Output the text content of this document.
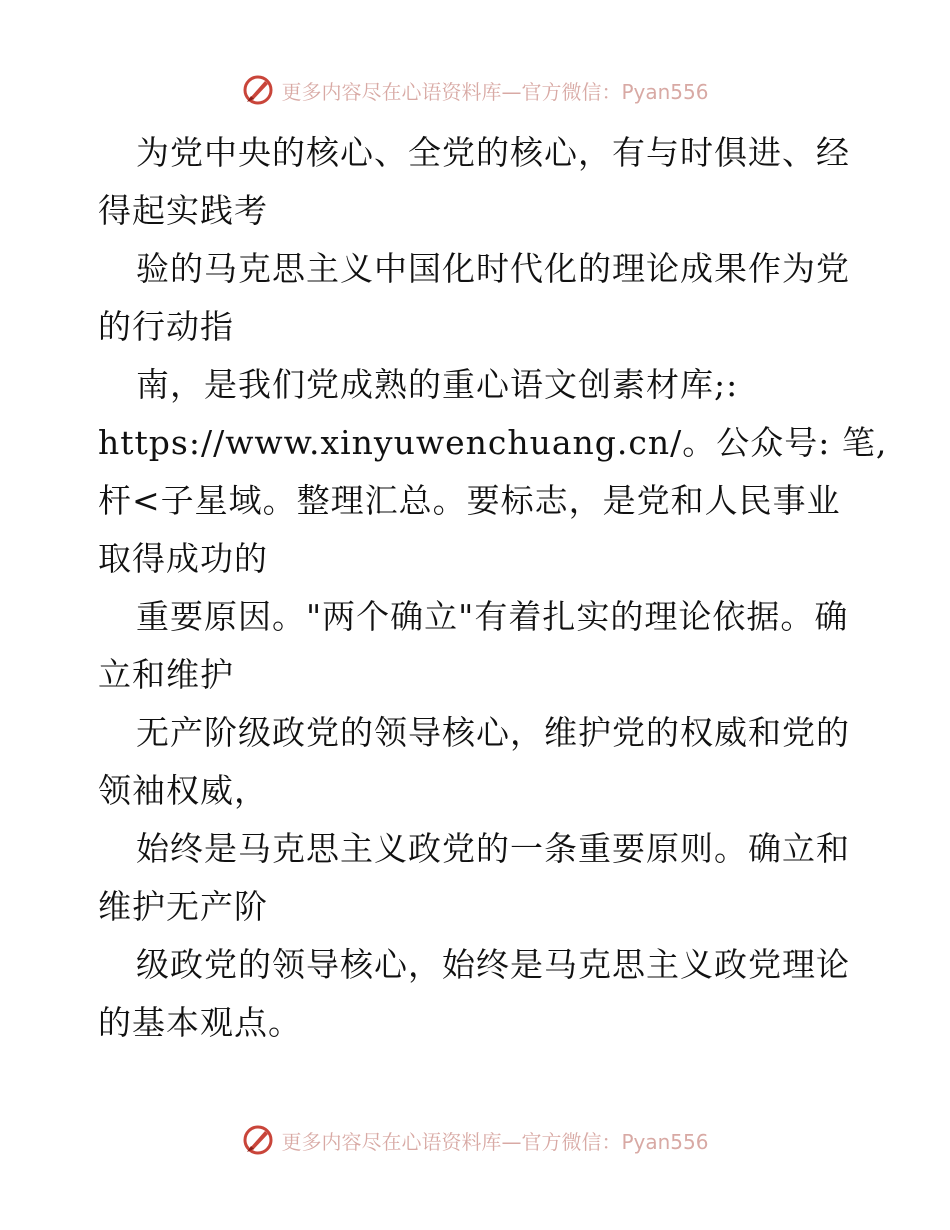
更多内容尽在心语资料库—官方微信：Pyan556
为党中央的核心、全党的核心，有与时俱进、经
得起实践考
验的马克思主义中国化时代化的理论成果作为党
的行动指
南，是我们党成熟的重心语文创素材库;:
https://www.xinyuwenchuang.cn/。公众号: 笔,
杆<子星域。整理汇总。要标志，是党和人民事业
取得成功的
重要原因。"两个确立"有着扎实的理论依据。确
立和维护
无产阶级政党的领导核心，维护党的权威和党的
领袖权威，
始终是马克思主义政党的一条重要原则。确立和
维护无产阶
级政党的领导核心，始终是马克思主义政党理论
的基本观点。
更多内容尽在心语资料库—官方微信：Pyan556
